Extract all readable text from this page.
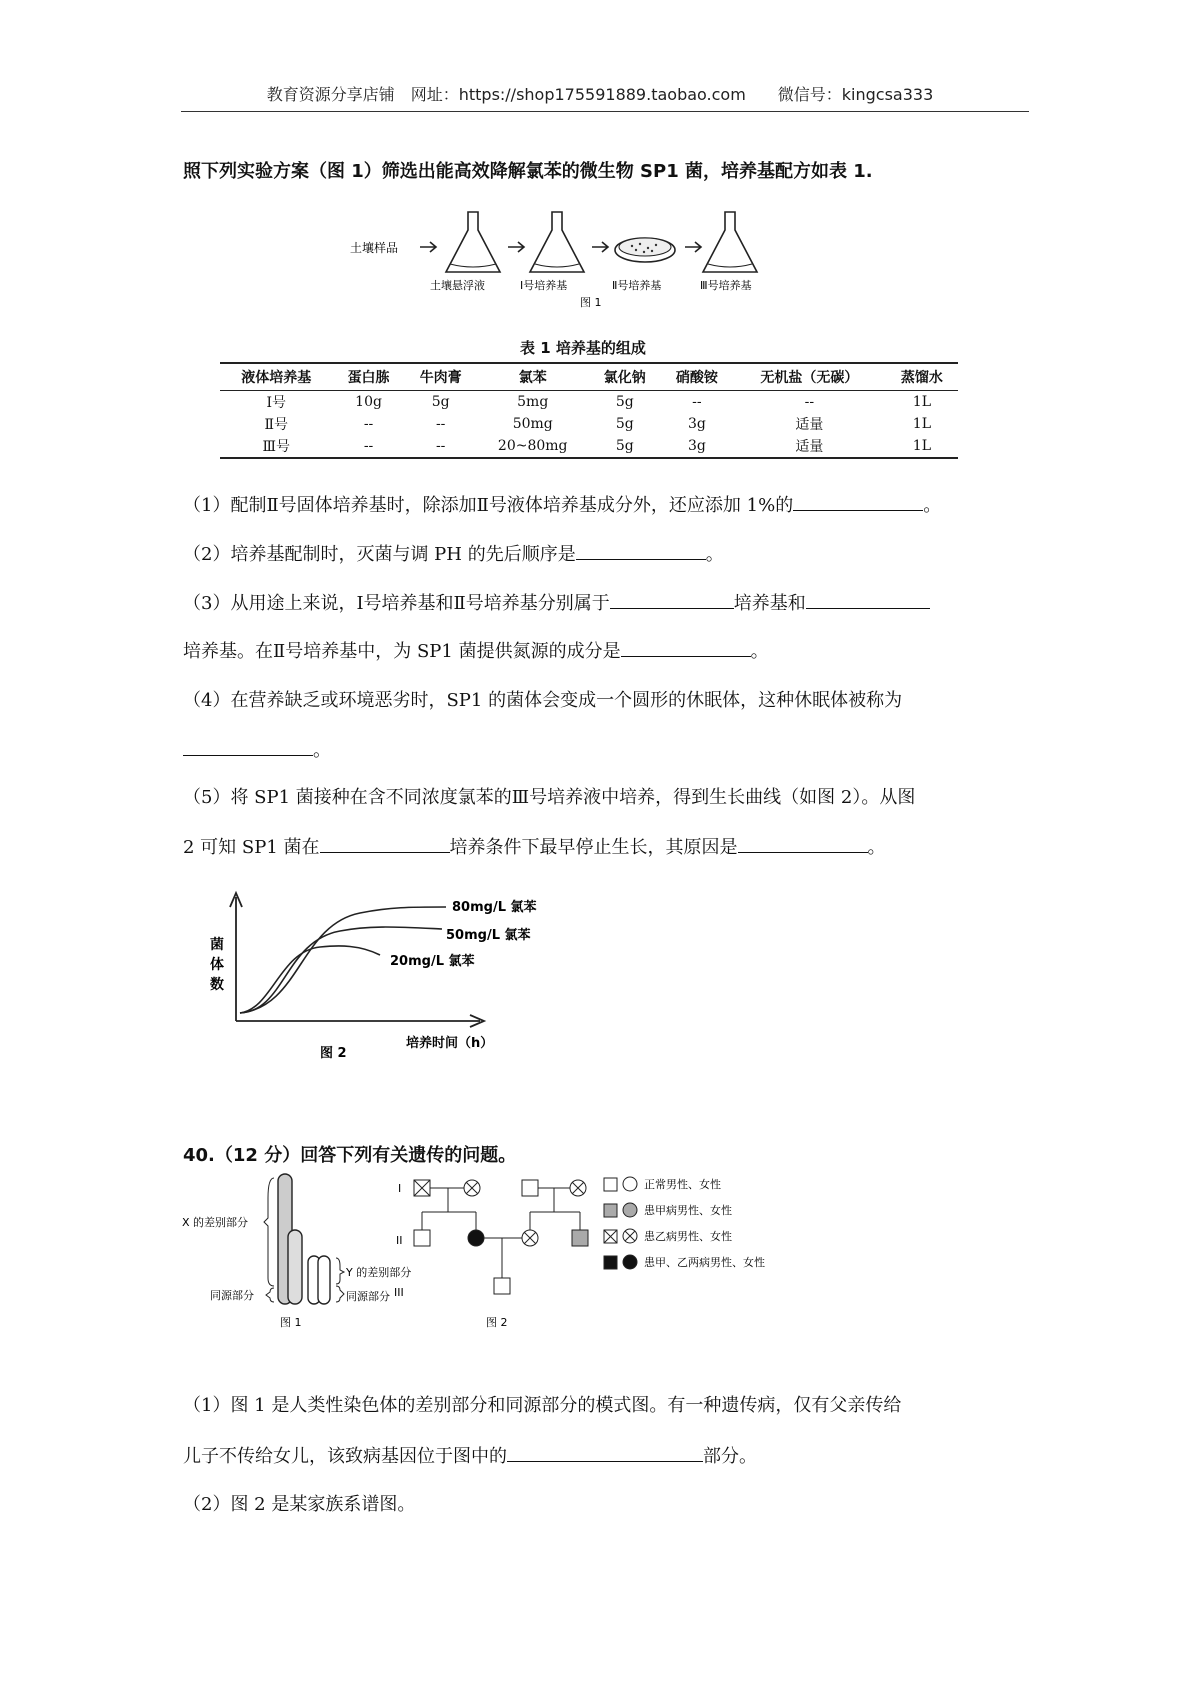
教育资源分享店铺　网址：https://shop175591889.taobao.com　　微信号：kingcsa333
照下列实验方案（图 1）筛选出能高效降解氯苯的微生物 SP1 菌，培养基配方如表 1.
土壤样品
土壤悬浮液	Ⅰ号培养基	Ⅱ号培养基	Ⅲ号培养基
图 1
表 1 培养基的组成
液体培养基	蛋白胨	牛肉膏	氯苯	氯化钠	硝酸铵	无机盐（无碳）	蒸馏水
Ⅰ号	10g	5g	5mg	5g	--	--	1L
Ⅱ号	--	--	50mg	5g	3g	适量	1L
Ⅲ号	--	--	20~80mg	5g	3g	适量	1L
（1）配制Ⅱ号固体培养基时，除添加Ⅱ号液体培养基成分外，还应添加 1%的	。
（2）培养基配制时，灭菌与调 PH 的先后顺序是	。
（3）从用途上来说，Ⅰ号培养基和Ⅱ号培养基分别属于	培养基和
培养基。在Ⅱ号培养基中，为 SP1 菌提供氮源的成分是	。
（4）在营养缺乏或环境恶劣时，SP1 的菌体会变成一个圆形的休眠体，这种休眠体被称为
。
（5）将 SP1 菌接种在含不同浓度氯苯的Ⅲ号培养液中培养，得到生长曲线（如图 2）。从图
2 可知 SP1 菌在	培养条件下最早停止生长，其原因是	。
菌
体
数
80mg/L 氯苯
50mg/L 氯苯
20mg/L 氯苯
培养时间（h）
图 2
40.（12 分）回答下列有关遗传的问题。
X 的差别部分
Y 的差别部分
同源部分
同源部分
图 1
I
II
III
图 2
正常男性、女性
患甲病男性、女性
患乙病男性、女性
患甲、乙两病男性、女性
（1）图 1 是人类性染色体的差别部分和同源部分的模式图。有一种遗传病，仅有父亲传给
儿子不传给女儿，该致病基因位于图中的	部分。
（2）图 2 是某家族系谱图。
